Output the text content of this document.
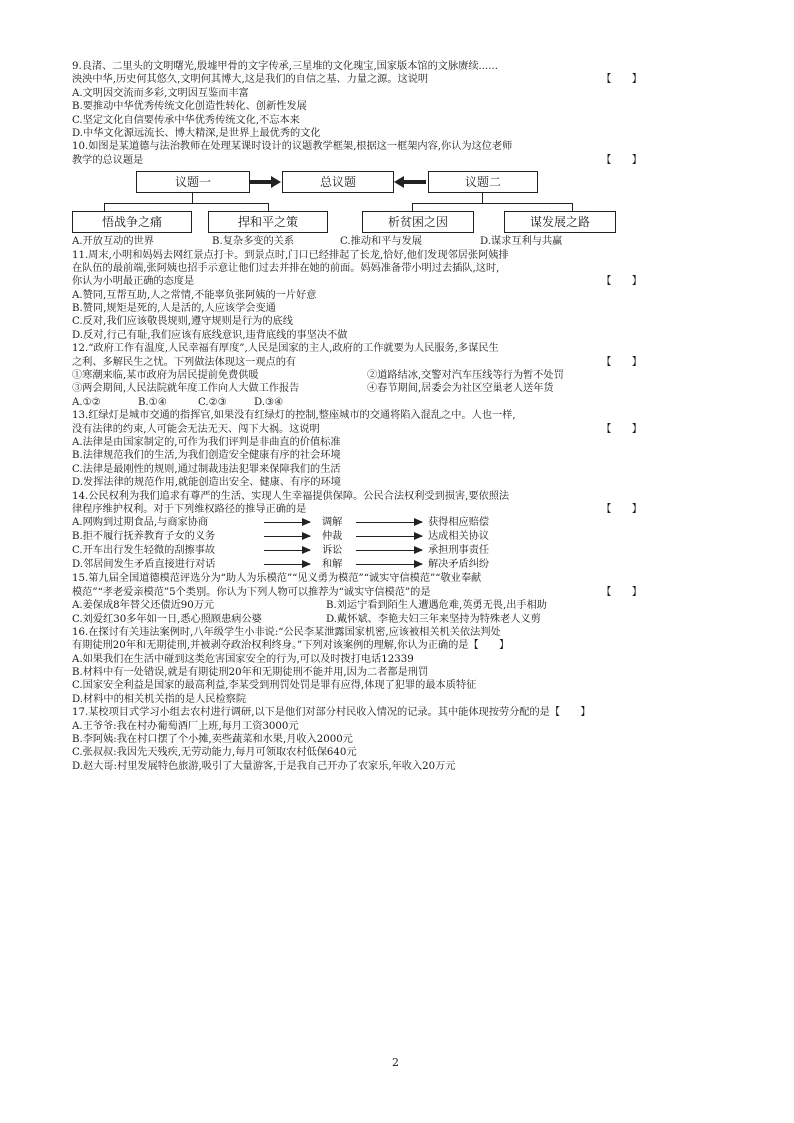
9.良渚、二里头的文明曙光,殷墟甲骨的文字传承,三星堆的文化瑰宝,国家版本馆的文脉赓续......
泱泱中华,历史何其悠久,文明何其博大,这是我们的自信之基、力量之源。这说明	【　　】
A.文明因交流而多彩,文明因互鉴而丰富
B.要推动中华优秀传统文化创造性转化、创新性发展
C.坚定文化自信要传承中华优秀传统文化,不忘本来
D.中华文化源远流长、博大精深,是世界上最优秀的文化
10.如图是某道德与法治教师在处理某课时设计的议题教学框架,根据这一框架内容,你认为这位老师
教学的总议题是	【　　】
议题一	总议题	议题二
悟战争之痛	捍和平之策	析贫困之因	谋发展之路
A.开放互动的世界	B.复杂多变的关系	C.推动和平与发展	D.谋求互利与共赢
11.周末,小明和妈妈去网红景点打卡。到景点时,门口已经排起了长龙,恰好,他们发现邻居张阿姨排
在队伍的最前端,张阿姨也招手示意让他们过去并排在她的前面。妈妈准备带小明过去插队,这时,
你认为小明最正确的态度是	【　　】
A.赞同,互帮互助,人之常情,不能辜负张阿姨的一片好意
B.赞同,规矩是死的,人是活的,人应该学会变通
C.反对,我们应该敬畏规则,遵守规则是行为的底线
D.反对,行己有耻,我们应该有底线意识,违背底线的事坚决不做
12.“政府工作有温度,人民幸福有厚度”,人民是国家的主人,政府的工作就要为人民服务,多谋民生
之利、多解民生之忧。下列做法体现这一观点的有	【　　】
①寒潮来临,某市政府为居民提前免费供暖	②道路结冰,交警对汽车压线等行为暂不处罚
③两会期间,人民法院就年度工作向人大做工作报告	④春节期间,居委会为社区空巢老人送年货
A.①②	B.①④	C.②③	D.③④
13.红绿灯是城市交通的指挥官,如果没有红绿灯的控制,整座城市的交通将陷入混乱之中。人也一样,
没有法律的约束,人可能会无法无天、闯下大祸。这说明	【　　】
A.法律是由国家制定的,可作为我们评判是非曲直的价值标准
B.法律规范我们的生活,为我们创造安全健康有序的社会环境
C.法律是最刚性的规则,通过制裁违法犯罪来保障我们的生活
D.发挥法律的规范作用,就能创造出安全、健康、有序的环境
14.公民权利为我们追求有尊严的生活、实现人生幸福提供保障。公民合法权利受到损害,要依照法
律程序维护权利。对于下列维权路径的推导正确的是	【　　】
A.网购到过期食品,与商家协商	调解	获得相应赔偿
B.拒不履行抚养教育子女的义务	仲裁	达成相关协议
C.开车出行发生轻微的刮擦事故	诉讼	承担刑事责任
D.邻居间发生矛盾直接进行对话	和解	解决矛盾纠纷
15.第九届全国道德模范评选分为“助人为乐模范”“见义勇为模范”“诚实守信模范”“敬业奉献
模范”“孝老爱亲模范”5个类别。你认为下列人物可以推荐为“诚实守信模范”的是	【　　】
A.姜保成8年替父还债近90万元	B.刘运宁看到陌生人遭遇危难,英勇无畏,出手相助
C.刘爱红30多年如一日,悉心照顾患病公婆	D.戴怀斌、李艳夫妇三年来坚持为特殊老人义剪
16.在探讨有关违法案例时,八年级学生小非说:“公民李某泄露国家机密,应该被相关机关依法判处
有期徒刑20年和无期徒刑,并被剥夺政治权利终身。”下列对该案例的理解,你认为正确的是【　　】
A.如果我们在生活中碰到这类危害国家安全的行为,可以及时拨打电话12339
B.材料中有一处错误,就是有期徒刑20年和无期徒刑不能并用,因为二者都是刑罚
C.国家安全利益是国家的最高利益,李某受到刑罚处罚是罪有应得,体现了犯罪的最本质特征
D.材料中的相关机关指的是人民检察院
17.某校项目式学习小组去农村进行调研,以下是他们对部分村民收入情况的记录。其中能体现按劳分配的是【　　】
A.王爷爷:我在村办葡萄酒厂上班,每月工资3000元
B.李阿姨:我在村口摆了个小摊,卖些蔬菜和水果,月收入2000元
C.张叔叔:我因先天残疾,无劳动能力,每月可领取农村低保640元
D.赵大哥:村里发展特色旅游,吸引了大量游客,于是我自己开办了农家乐,年收入20万元
2
